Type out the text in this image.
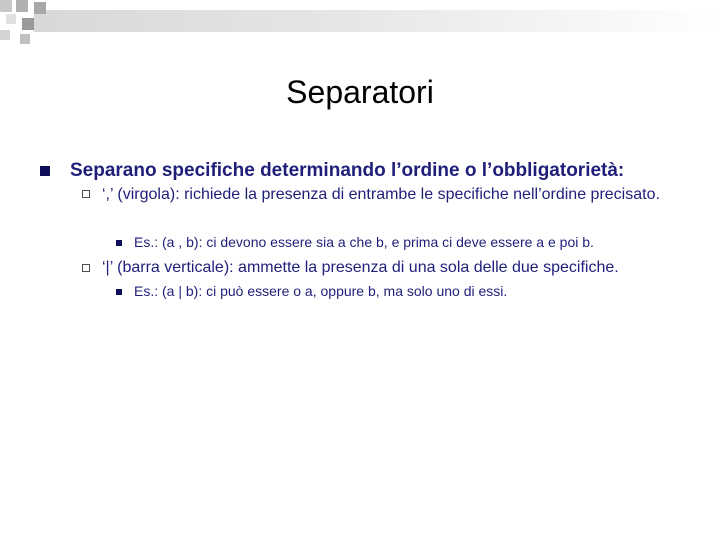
Separatori
Separano specifiche determinando l’ordine o l’obbligatorietà:
‘,’ (virgola): richiede la presenza di entrambe le specifiche nell’ordine precisato.
Es.: (a , b): ci devono essere sia a che b, e prima ci deve essere a e poi b.
‘|’ (barra verticale): ammette la presenza di una sola delle due specifiche.
Es.: (a | b): ci può essere o a, oppure b, ma solo uno di essi.
